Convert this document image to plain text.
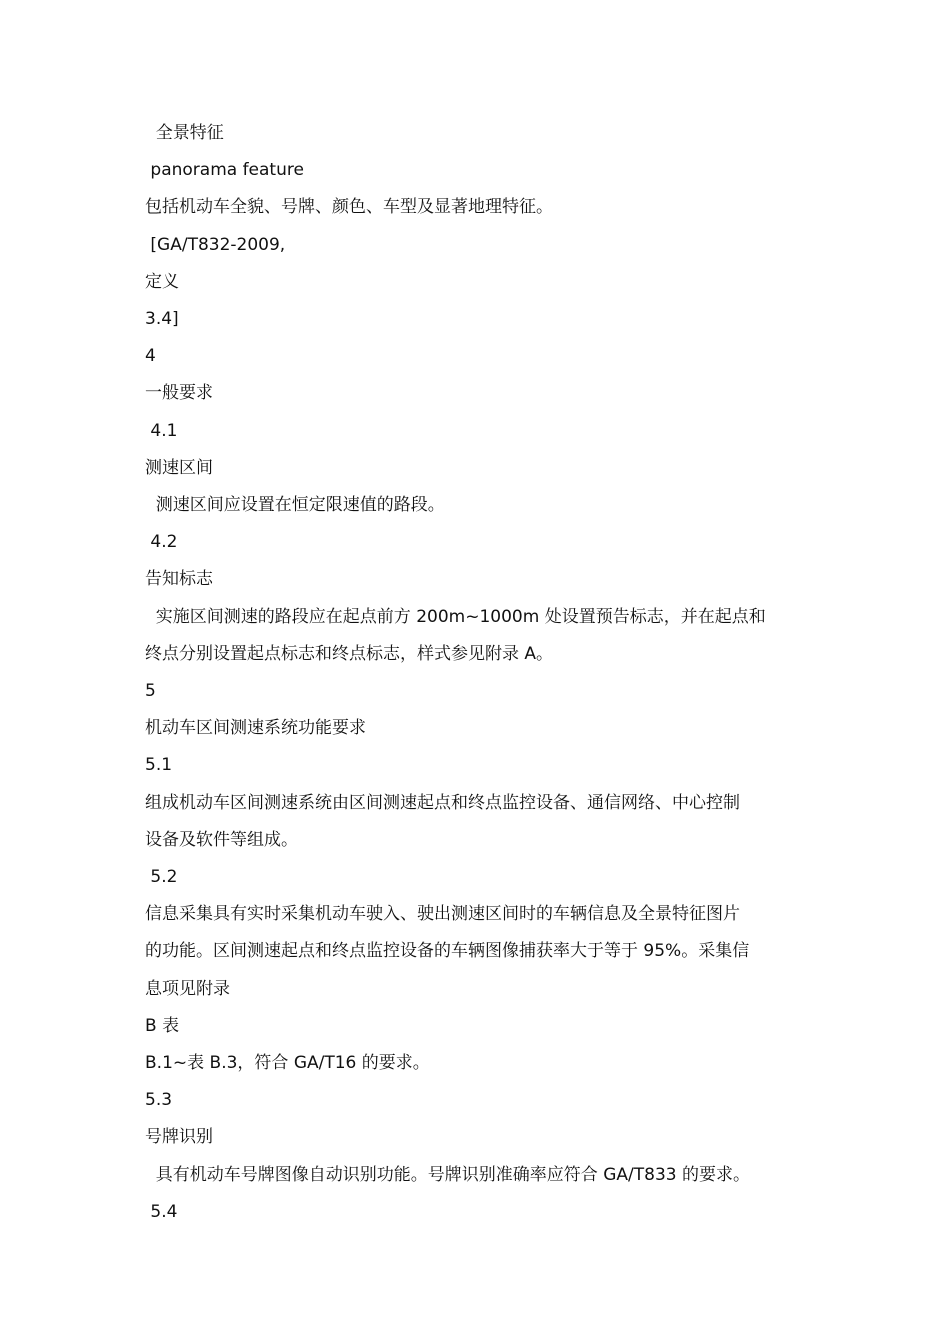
全景特征

panorama feature

包括机动车全貌、号牌、颜色、车型及显著地理特征。

[GA/T832-2009,

定义

3.4]

4

一般要求

4.1

测速区间

测速区间应设置在恒定限速值的路段。

4.2

告知标志

实施区间测速的路段应在起点前方 200m~1000m 处设置预告标志，并在起点和

终点分别设置起点标志和终点标志，样式参见附录 A。

5

机动车区间测速系统功能要求

5.1

组成机动车区间测速系统由区间测速起点和终点监控设备、通信网络、中心控制

设备及软件等组成。

5.2

信息采集具有实时采集机动车驶入、驶出测速区间时的车辆信息及全景特征图片

的功能。区间测速起点和终点监控设备的车辆图像捕获率大于等于 95%。采集信

息项见附录

B 表

B.1~表 B.3，符合 GA/T16 的要求。

5.3

号牌识别

具有机动车号牌图像自动识别功能。号牌识别准确率应符合 GA/T833 的要求。

5.4
